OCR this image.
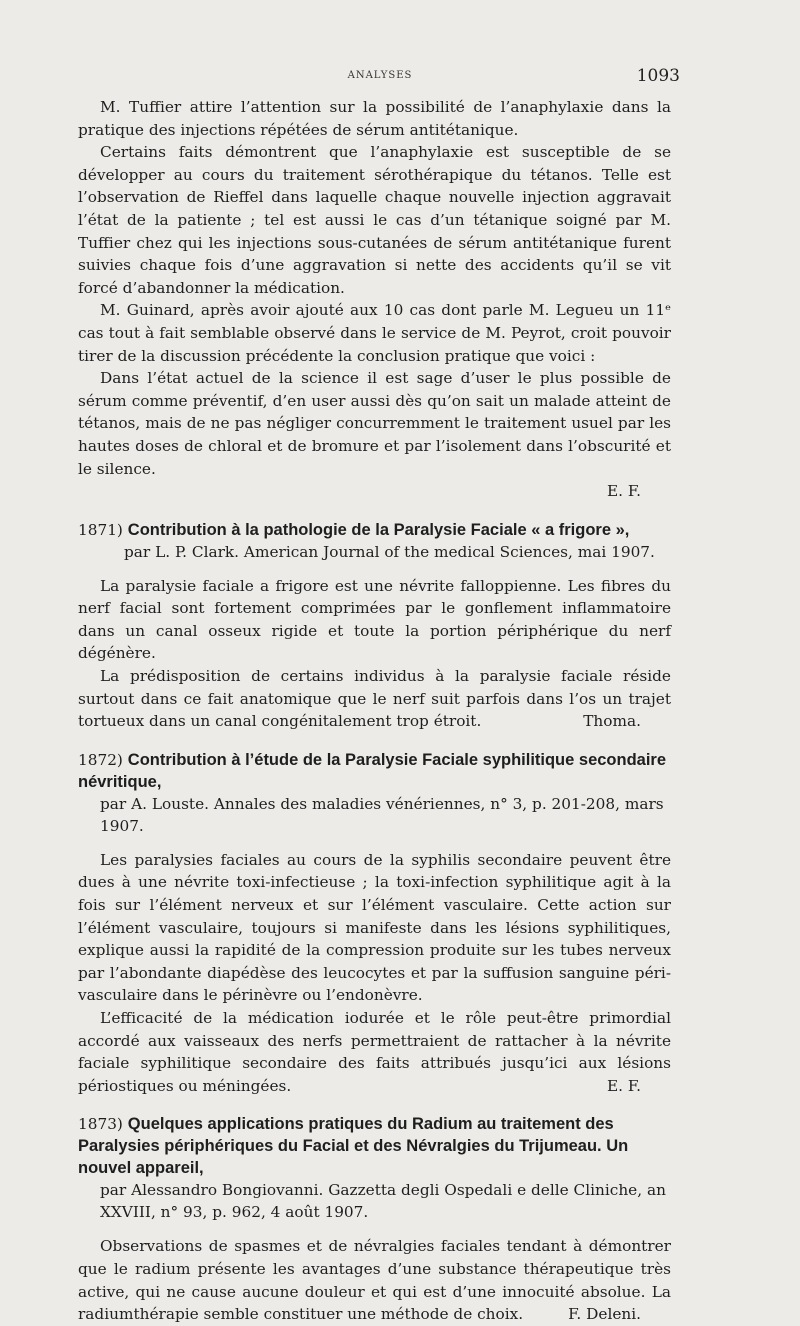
ANALYSES	1093

M. Tuffier attire l’attention sur la possibilité de l’anaphylaxie dans la pratique des injections répétées de sérum antitétanique.

Certains faits démontrent que l’anaphylaxie est susceptible de se développer au cours du traitement sérothérapique du tétanos. Telle est l’observation de Rieffel dans laquelle chaque nouvelle injection aggravait l’état de la patiente ; tel est aussi le cas d’un tétanique soigné par M. Tuffier chez qui les injections sous-cutanées de sérum antitétanique furent suivies chaque fois d’une aggravation si nette des accidents qu’il se vit forcé d’abandonner la médication.

M. Guinard, après avoir ajouté aux 10 cas dont parle M. Legueu un 11ᵉ cas tout à fait semblable observé dans le service de M. Peyrot, croit pouvoir tirer de la discussion précédente la conclusion pratique que voici :

Dans l’état actuel de la science il est sage d’user le plus possible de sérum comme préventif, d’en user aussi dès qu’on sait un malade atteint de tétanos, mais de ne pas négliger concurremment le traitement usuel par les hautes doses de chloral et de bromure et par l’isolement dans l’obscurité et le silence.

E. F.
1871) Contribution à la pathologie de la Paralysie Faciale « a frigore »,
par L. P. Clark. American Journal of the medical Sciences, mai 1907.

La paralysie faciale a frigore est une névrite falloppienne. Les fibres du nerf facial sont fortement comprimées par le gonflement inflammatoire dans un canal osseux rigide et toute la portion périphérique du nerf dégénère.

La prédisposition de certains individus à la paralysie faciale réside surtout dans ce fait anatomique que le nerf suit parfois dans l’os un trajet tortueux dans un canal congénitalement trop étroit.	Thoma.
1872) Contribution à l’étude de la Paralysie Faciale syphilitique secondaire névritique,
par A. Louste. Annales des maladies vénériennes, n° 3, p. 201-208, mars 1907.

Les paralysies faciales au cours de la syphilis secondaire peuvent être dues à une névrite toxi-infectieuse ; la toxi-infection syphilitique agit à la fois sur l’élément nerveux et sur l’élément vasculaire. Cette action sur l’élément vasculaire, toujours si manifeste dans les lésions syphilitiques, explique aussi la rapidité de la compression produite sur les tubes nerveux par l’abondante diapédèse des leucocytes et par la suffusion sanguine péri-vasculaire dans le périnèvre ou l’endonèvre.

L’efficacité de la médication iodurée et le rôle peut-être primordial accordé aux vaisseaux des nerfs permettraient de rattacher à la névrite faciale syphilitique secondaire des faits attribués jusqu’ici aux lésions périostiques ou méningées.	E. F.
1873) Quelques applications pratiques du Radium au traitement des Paralysies périphériques du Facial et des Névralgies du Trijumeau. Un nouvel appareil,
par Alessandro Bongiovanni. Gazzetta degli Ospedali e delle Cliniche, an XXVIII, n° 93, p. 962, 4 août 1907.

Observations de spasmes et de névralgies faciales tendant à démontrer que le radium présente les avantages d’une substance thérapeutique très active, qui ne cause aucune douleur et qui est d’une innocuité absolue. La radiumthérapie semble constituer une méthode de choix.	F. Deleni.
